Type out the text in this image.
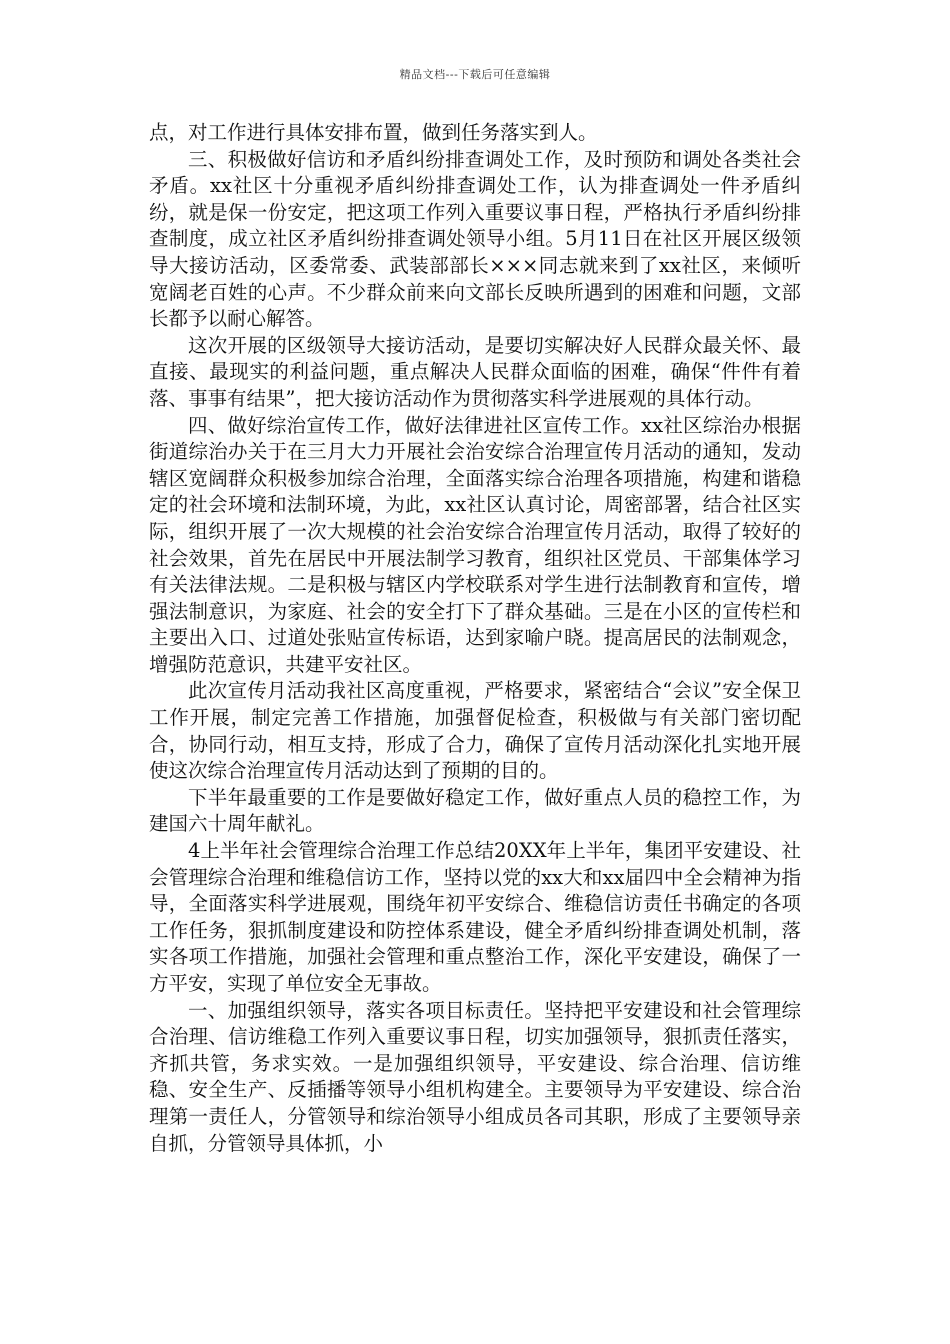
精品文档---下载后可任意编辑

点，对工作进行具体安排布置，做到任务落实到人。

三、积极做好信访和矛盾纠纷排查调处工作，及时预防和调处各类社会矛盾。xx社区十分重视矛盾纠纷排查调处工作，认为排查调处一件矛盾纠纷，就是保一份安定，把这项工作列入重要议事日程，严格执行矛盾纠纷排查制度，成立社区矛盾纠纷排查调处领导小组。5月11日在社区开展区级领导大接访活动，区委常委、武装部部长×××同志就来到了xx社区，来倾听宽阔老百姓的心声。不少群众前来向文部长反映所遇到的困难和问题，文部长都予以耐心解答。

这次开展的区级领导大接访活动，是要切实解决好人民群众最关怀、最直接、最现实的利益问题，重点解决人民群众面临的困难，确保“件件有着落、事事有结果”，把大接访活动作为贯彻落实科学进展观的具体行动。

四、做好综治宣传工作，做好法律进社区宣传工作。xx社区综治办根据街道综治办关于在三月大力开展社会治安综合治理宣传月活动的通知，发动辖区宽阔群众积极参加综合治理，全面落实综合治理各项措施，构建和谐稳定的社会环境和法制环境，为此，xx社区认真讨论，周密部署，结合社区实际，组织开展了一次大规模的社会治安综合治理宣传月活动，取得了较好的社会效果，首先在居民中开展法制学习教育，组织社区党员、干部集体学习有关法律法规。二是积极与辖区内学校联系对学生进行法制教育和宣传，增强法制意识，为家庭、社会的安全打下了群众基础。三是在小区的宣传栏和主要出入口、过道处张贴宣传标语，达到家喻户晓。提高居民的法制观念，增强防范意识，共建平安社区。

此次宣传月活动我社区高度重视，严格要求，紧密结合“会议”安全保卫工作开展，制定完善工作措施，加强督促检查，积极做与有关部门密切配合，协同行动，相互支持，形成了合力，确保了宣传月活动深化扎实地开展使这次综合治理宣传月活动达到了预期的目的。

下半年最重要的工作是要做好稳定工作，做好重点人员的稳控工作，为建国六十周年献礼。

4上半年社会管理综合治理工作总结20XX年上半年，集团平安建设、社会管理综合治理和维稳信访工作，坚持以党的xx大和xx届四中全会精神为指导，全面落实科学进展观，围绕年初平安综合、维稳信访责任书确定的各项工作任务，狠抓制度建设和防控体系建设，健全矛盾纠纷排查调处机制，落实各项工作措施，加强社会管理和重点整治工作，深化平安建设，确保了一方平安，实现了单位安全无事故。

一、加强组织领导，落实各项目标责任。坚持把平安建设和社会管理综合治理、信访维稳工作列入重要议事日程，切实加强领导，狠抓责任落实，齐抓共管，务求实效。一是加强组织领导，平安建设、综合治理、信访维稳、安全生产、反插播等领导小组机构建全。主要领导为平安建设、综合治理第一责任人，分管领导和综治领导小组成员各司其职，形成了主要领导亲自抓，分管领导具体抓，小
